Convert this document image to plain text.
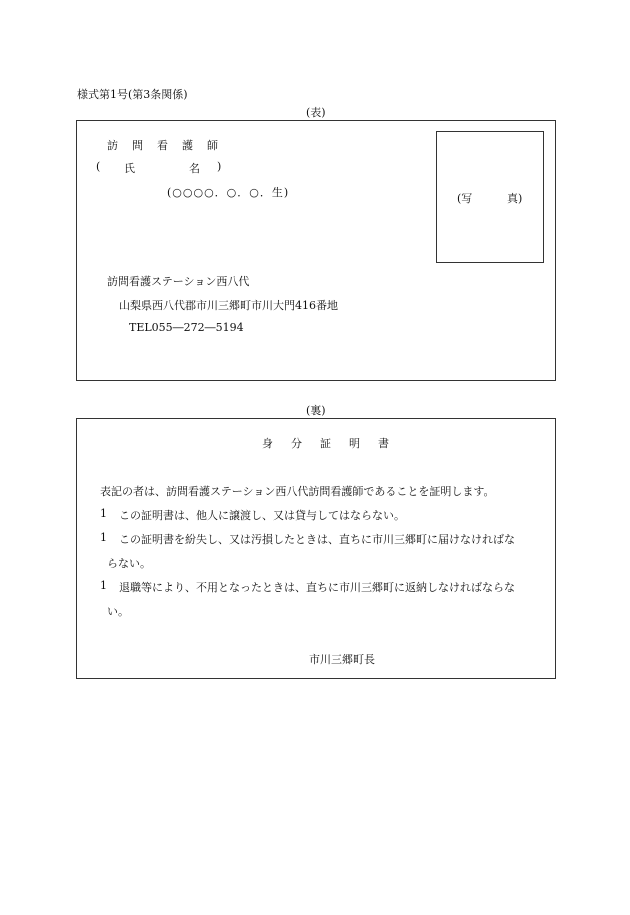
様式第1号(第3条関係)
(表)
訪問看護師
( 氏　　　　名 )
(○○○○．○．○．生)	(写	真)
訪問看護ステーション西八代
山梨県西八代郡市川三郷町市川大門416番地
TEL055―272―5194
(裏)
身分証明書
表記の者は、訪問看護ステーション西八代訪問看護師であることを証明します。
1 この証明書は、他人に譲渡し、又は貸与してはならない。
1 この証明書を紛失し、又は汚損したときは、直ちに市川三郷町に届けなければな
らない。
1 退職等により、不用となったときは、直ちに市川三郷町に返納しなければならな
い。
市川三郷町長
